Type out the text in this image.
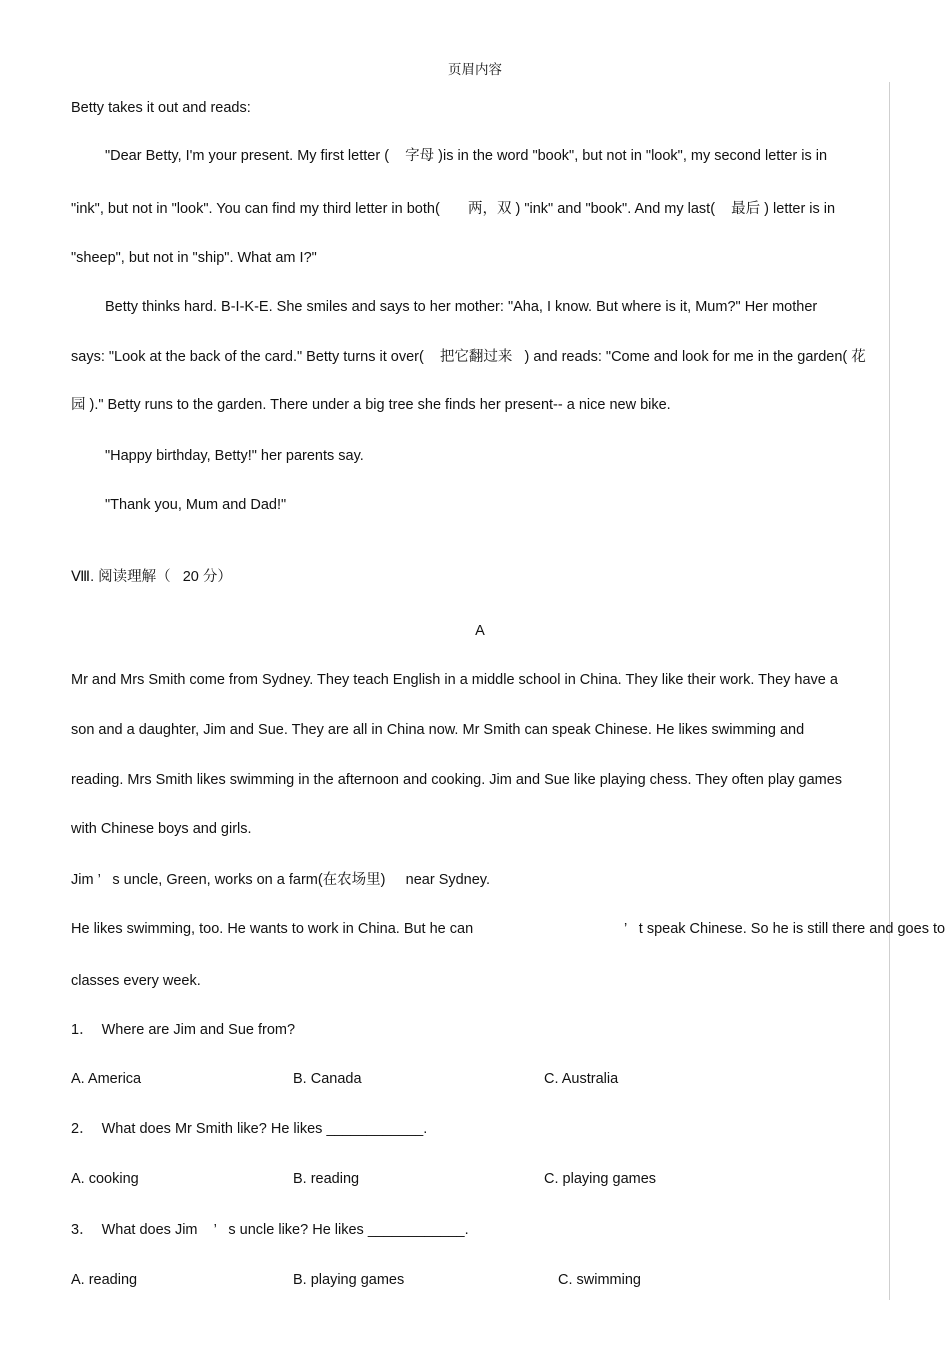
页眉内容
Betty takes it out and reads:
"Dear Betty, I'm your present. My first letter (    字母 )is in the word "book", but not in "look", my second letter is in
"ink", but not in "look". You can find my third letter in both(       两，双 ) "ink" and "book". And my last(    最后 ) letter is in
"sheep", but not in "ship". What am I?"
Betty thinks hard. B-I-K-E. She smiles and says to her mother: "Aha, I know. But where is it, Mum?" Her mother
says: "Look at the back of the card." Betty turns it over(    把它翻过来   ) and reads: "Come and look for me in the garden( 花
园 )." Betty runs to the garden. There under a big tree she finds her present-- a nice new bike.
"Happy birthday, Betty!" her parents say.
"Thank you, Mum and Dad!"
Ⅷ. 阅读理解（   20 分）
A
Mr and Mrs Smith come from Sydney. They teach English in a middle school in China. They like their work. They have a
son and a daughter, Jim and Sue. They are all in China now. Mr Smith can speak Chinese. He likes swimming and
reading. Mrs Smith likes swimming in the afternoon and cooking. Jim and Sue like playing chess. They often play games
with Chinese boys and girls.
Jim ’   s uncle, Green, works on a farm(在农场里)     near Sydney.
He likes swimming, too. He wants to work in China. But he can	’   t speak Chinese. So he is still there and goes to
classes every week.
1．  Where are Jim and Sue from?
A. America	B. Canada	C. Australia
2．  What does Mr Smith like? He likes ____________.
A. cooking	B. reading	C. playing games
3．  What does Jim    ’   s uncle like? He likes ____________.
A. reading	B. playing games	C. swimming
